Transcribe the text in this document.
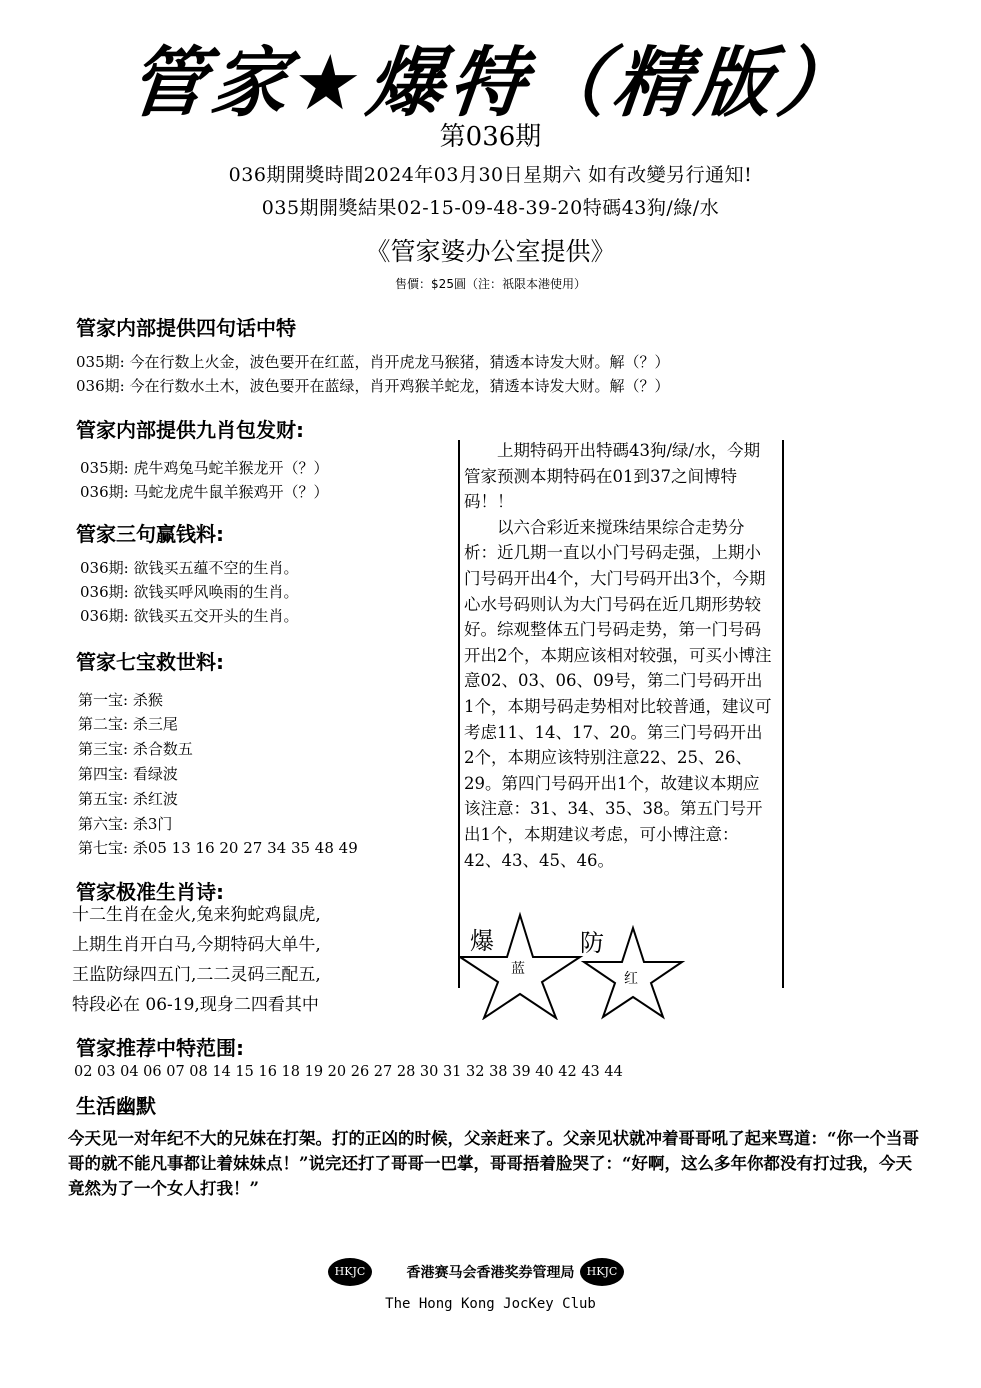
管家★爆特（精版）
第036期
036期開獎時間2024年03月30日星期六 如有改變另行通知!
035期開獎結果02-15-09-48-39-20特碼43狗/綠/水
《管家婆办公室提供》
售價：$25圓（注：祇限本港使用）
管家内部提供四句话中特
035期: 今在行数上火金，波色要开在红蓝，肖开虎龙马猴猪，猜透本诗发大财。解（？）
036期: 今在行数水土木，波色要开在蓝绿，肖开鸡猴羊蛇龙，猜透本诗发大财。解（？）
管家内部提供九肖包发财:
035期: 虎牛鸡兔马蛇羊猴龙开（？）
036期: 马蛇龙虎牛鼠羊猴鸡开（？）
管家三句赢钱料:
036期: 欲钱买五蕴不空的生肖。
036期: 欲钱买呼风唤雨的生肖。
036期: 欲钱买五交开头的生肖。
管家七宝救世料:
第一宝: 杀猴
第二宝: 杀三尾
第三宝: 杀合数五
第四宝: 看绿波
第五宝: 杀红波
第六宝: 杀3门
第七宝: 杀05 13 16 20 27 34 35 48 49
管家极准生肖诗:
十二生肖在金火,兔来狗蛇鸡鼠虎,
上期生肖开白马,今期特码大单牛,
王监防绿四五门,二二灵码三配五,
特段必在 06-19,现身二四看其中
管家推荐中特范围:
02 03 04 06 07 08 14 15 16 18 19 20 26 27 28 30 31 32 38 39 40 42 43 44
生活幽默
今天见一对年纪不大的兄妹在打架。打的正凶的时候，父亲赶来了。父亲见状就冲着哥哥吼了起来骂道：“你一个当哥哥的就不能凡事都让着妹妹点！”说完还打了哥哥一巴掌，哥哥捂着脸哭了：“好啊，这么多年你都没有打过我，今天竟然为了一个女人打我！”

上期特码开出特碼43狗/绿/水，今期管家预测本期特码在01到37之间博特码！！

以六合彩近来搅珠结果综合走势分析：近几期一直以小门号码走强，上期小门号码开出4个，大门号码开出3个，今期心水号码则认为大门号码在近几期形势较好。综观整体五门号码走势，第一门号码开出2个，本期应该相对较强，可买小博注意02、03、06、09号，第二门号码开出1个，本期号码走势相对比较普通，建议可考虑11、14、17、20。第三门号码开出2个，本期应该特别注意22、25、26、29。第四门号码开出1个，故建议本期应该注意：31、34、35、38。第五门号开出1个，本期建议考虑，可小博注意：42、43、45、46。

爆
蓝
防
红
HKJC	香港赛马会香港奖券管理局	HKJC
The Hong Kong JocKey Club
